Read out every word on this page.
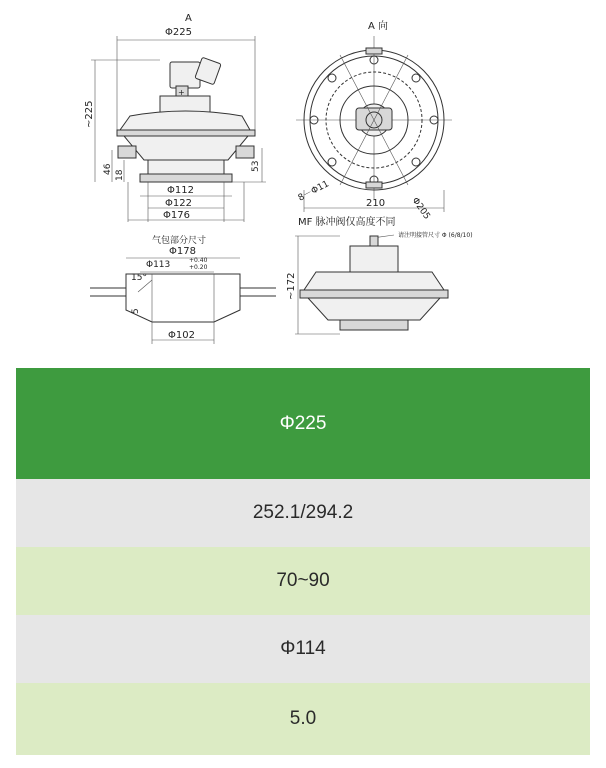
A
Φ225
~225
+
46
18
53
Φ112
Φ122
Φ176
A 向
8－Φ11
Φ205
210
MF 脉冲阀仅高度不同
气包部分尺寸
Φ178
Φ113	+0.40
+0.20
15°
5
Φ102
请注明接管尺寸 Φ (6/8/10)
~172
Φ225
252.1/294.2
70~90
Φ114
5.0
